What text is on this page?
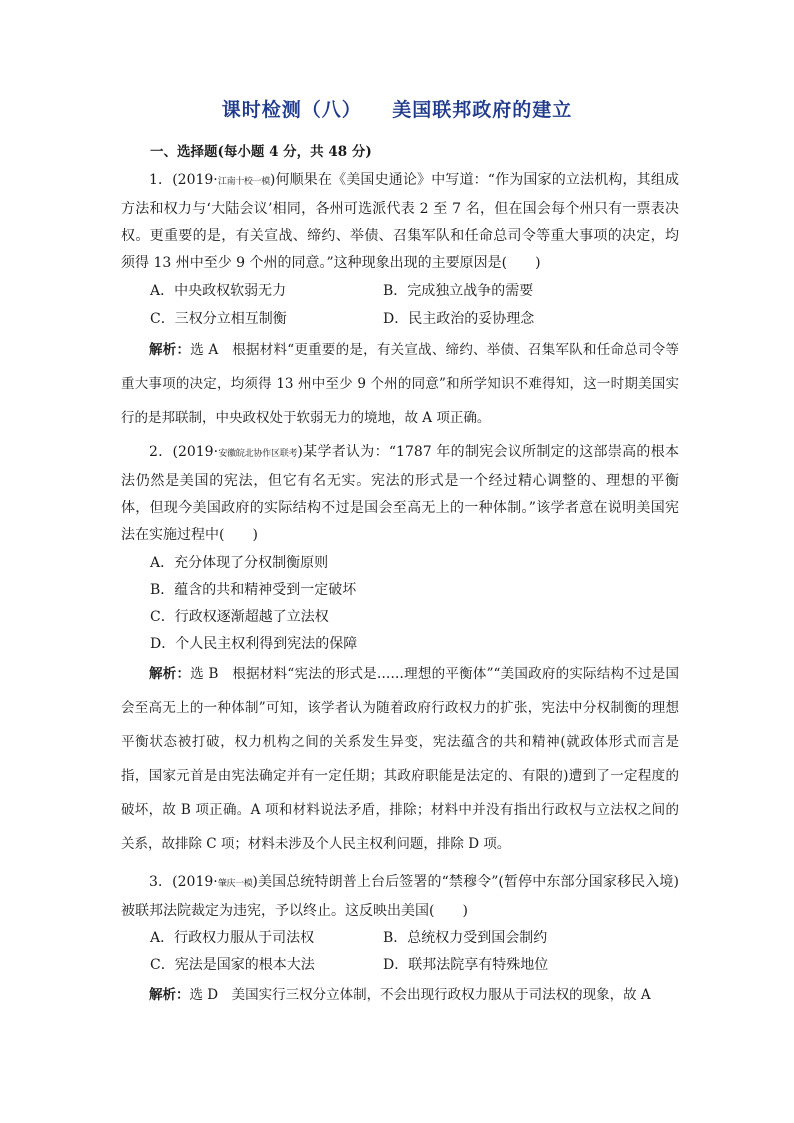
课时检测（八）    美国联邦政府的建立
一、选择题(每小题 4 分，共 48 分)
1．(2019·江南十校一模)何顺果在《美国史通论》中写道：“作为国家的立法机构，其组成方法和权力与‘大陆会议’相同，各州可选派代表 2 至 7 名，但在国会每个州只有一票表决权。更重要的是，有关宣战、缔约、举债、召集军队和任命总司令等重大事项的决定，均须得 13 州中至少 9 个州的同意。”这种现象出现的主要原因是(　　)
A．中央政权软弱无力	B．完成独立战争的需要
C．三权分立相互制衡	D．民主政治的妥协理念
解析：选 A　根据材料“更重要的是，有关宣战、缔约、举债、召集军队和任命总司令等重大事项的决定，均须得 13 州中至少 9 个州的同意”和所学知识不难得知，这一时期美国实行的是邦联制，中央政权处于软弱无力的境地，故 A 项正确。
2．(2019·安徽皖北协作区联考)某学者认为：“1787 年的制宪会议所制定的这部崇高的根本法仍然是美国的宪法，但它有名无实。宪法的形式是一个经过精心调整的、理想的平衡体，但现今美国政府的实际结构不过是国会至高无上的一种体制。”该学者意在说明美国宪法在实施过程中(　　)
A．充分体现了分权制衡原则
B．蕴含的共和精神受到一定破坏
C．行政权逐渐超越了立法权
D．个人民主权利得到宪法的保障
解析：选 B　根据材料“宪法的形式是……理想的平衡体”“美国政府的实际结构不过是国会至高无上的一种体制”可知，该学者认为随着政府行政权力的扩张，宪法中分权制衡的理想平衡状态被打破，权力机构之间的关系发生异变，宪法蕴含的共和精神(就政体形式而言是指，国家元首是由宪法确定并有一定任期；其政府职能是法定的、有限的)遭到了一定程度的破坏，故 B 项正确。A 项和材料说法矛盾，排除；材料中并没有指出行政权与立法权之间的关系，故排除 C 项；材料未涉及个人民主权利问题，排除 D 项。
3．(2019·肇庆一模)美国总统特朗普上台后签署的“禁穆令”(暂停中东部分国家移民入境)被联邦法院裁定为违宪，予以终止。这反映出美国(　　)
A．行政权力服从于司法权	B．总统权力受到国会制约
C．宪法是国家的根本大法	D．联邦法院享有特殊地位
解析：选 D　美国实行三权分立体制，不会出现行政权力服从于司法权的现象，故 A
